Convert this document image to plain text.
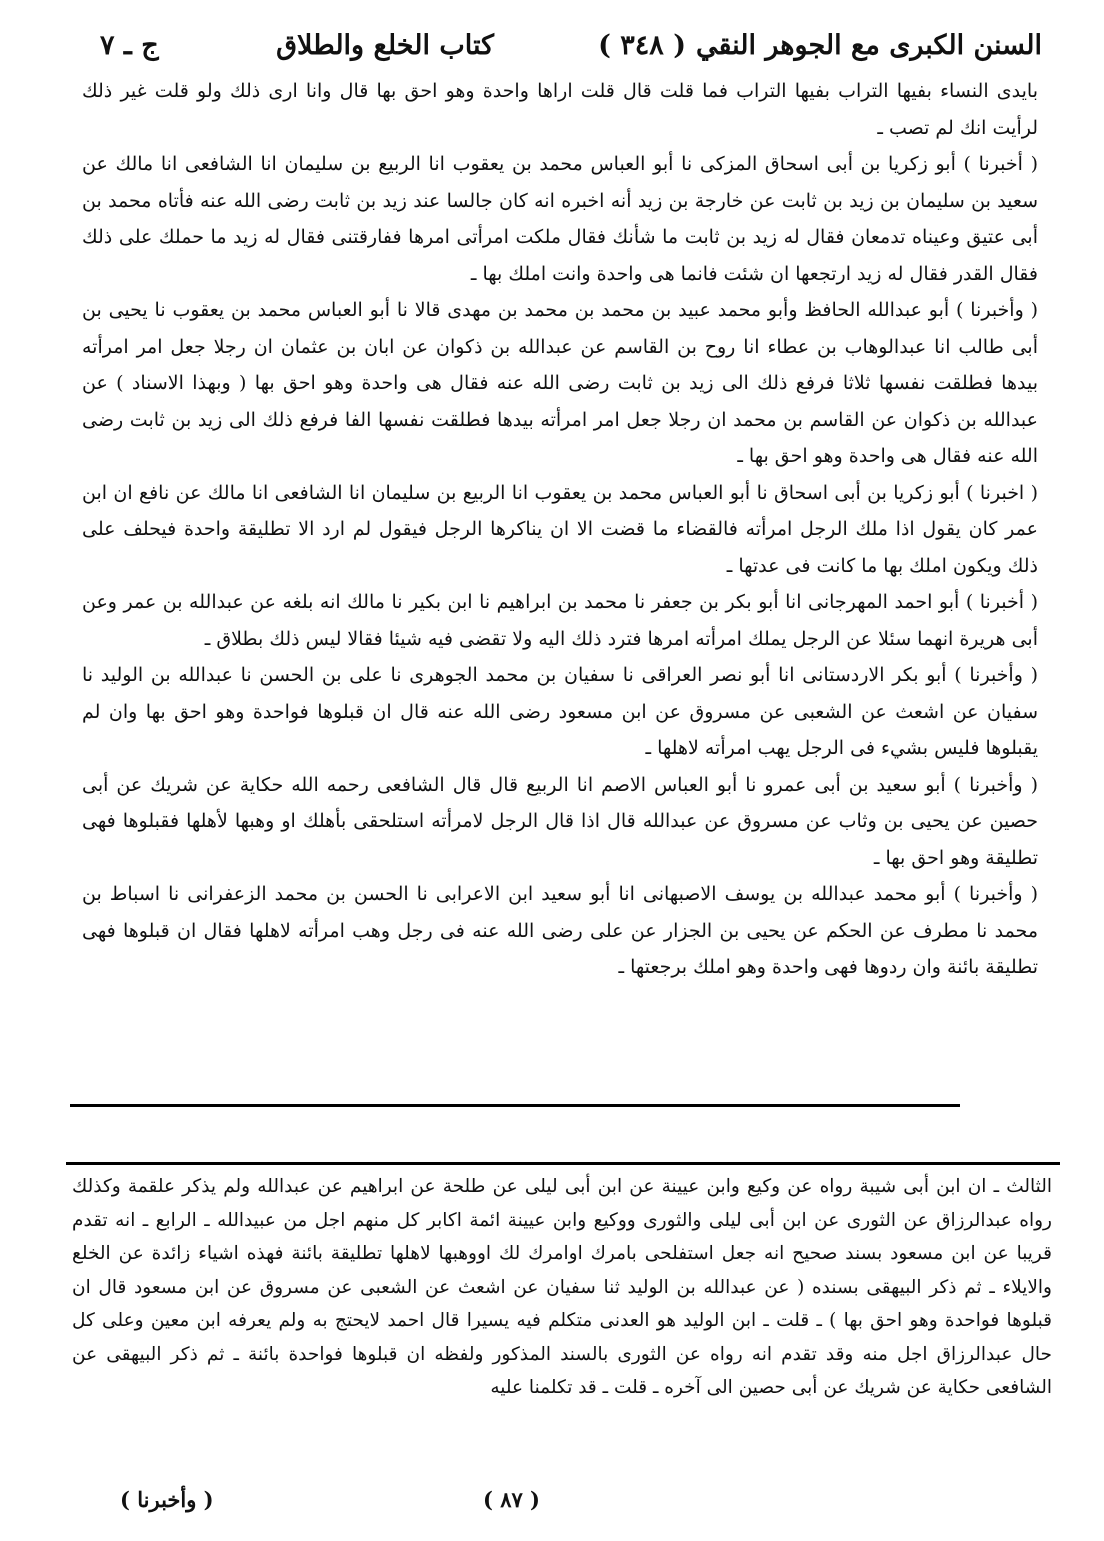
السنن الكبرى مع الجوهر النقي
( ٣٤٨ )
كتاب الخلع والطلاق
ج ـ ٧

بايدى النساء بفيها التراب بفيها التراب فما قلت قال قلت اراها واحدة وهو احق بها قال وانا ارى ذلك ولو قلت غير ذلك لرأيت انك لم تصب ـ

( أخبرنا ) أبو زكريا بن أبى اسحاق المزكى نا أبو العباس محمد بن يعقوب انا الربيع بن سليمان انا الشافعى انا مالك عن سعيد بن سليمان بن زيد بن ثابت عن خارجة بن زيد أنه اخبره انه كان جالسا عند زيد بن ثابت رضى الله عنه فأتاه محمد بن أبى عتيق وعيناه تدمعان فقال له زيد بن ثابت ما شأنك فقال ملكت امرأتى امرها ففارقتنى فقال له زيد ما حملك على ذلك فقال القدر فقال له زيد ارتجعها ان شئت فانما هى واحدة وانت املك بها ـ

( وأخبرنا ) أبو عبدالله الحافظ وأبو محمد عبيد بن محمد بن محمد بن مهدى قالا نا أبو العباس محمد بن يعقوب نا يحيى بن أبى طالب انا عبدالوهاب بن عطاء انا روح بن القاسم عن عبدالله بن ذكوان عن ابان بن عثمان ان رجلا جعل امر امرأته بيدها فطلقت نفسها ثلاثا فرفع ذلك الى زيد بن ثابت رضى الله عنه فقال هى واحدة وهو احق بها ( وبهذا الاسناد ) عن عبدالله بن ذكوان عن القاسم بن محمد ان رجلا جعل امر امرأته بيدها فطلقت نفسها الفا فرفع ذلك الى زيد بن ثابت رضى الله عنه فقال هى واحدة وهو احق بها ـ

( اخبرنا ) أبو زكريا بن أبى اسحاق نا أبو العباس محمد بن يعقوب انا الربيع بن سليمان انا الشافعى انا مالك عن نافع ان ابن عمر كان يقول اذا ملك الرجل امرأته فالقضاء ما قضت الا ان يناكرها الرجل فيقول لم ارد الا تطليقة واحدة فيحلف على ذلك ويكون املك بها ما كانت فى عدتها ـ

( أخبرنا ) أبو احمد المهرجانى انا أبو بكر بن جعفر نا محمد بن ابراهيم نا ابن بكير نا مالك انه بلغه عن عبدالله بن عمر وعن أبى هريرة انهما سئلا عن الرجل يملك امرأته امرها فترد ذلك اليه ولا تقضى فيه شيئا فقالا ليس ذلك بطلاق ـ

( وأخبرنا ) أبو بكر الاردستانى انا أبو نصر العراقى نا سفيان بن محمد الجوهرى نا على بن الحسن نا عبدالله بن الوليد نا سفيان عن اشعث عن الشعبى عن مسروق عن ابن مسعود رضى الله عنه قال ان قبلوها فواحدة وهو احق بها وان لم يقبلوها فليس بشيء فى الرجل يهب امرأته لاهلها ـ

( وأخبرنا ) أبو سعيد بن أبى عمرو نا أبو العباس الاصم انا الربيع قال قال الشافعى رحمه الله حكاية عن شريك عن أبى حصين عن يحيى بن وثاب عن مسروق عن عبدالله قال اذا قال الرجل لامرأته استلحقى بأهلك او وهبها لأهلها فقبلوها فهى تطليقة وهو احق بها ـ

( وأخبرنا ) أبو محمد عبدالله بن يوسف الاصبهانى انا أبو سعيد ابن الاعرابى نا الحسن بن محمد الزعفرانى نا اسباط بن محمد نا مطرف عن الحكم عن يحيى بن الجزار عن على رضى الله عنه فى رجل وهب امرأته لاهلها فقال ان قبلوها فهى تطليقة بائنة وان ردوها فهى واحدة وهو املك برجعتها ـ

الثالث ـ ان ابن أبى شيبة رواه عن وكيع وابن عيينة عن ابن أبى ليلى عن طلحة عن ابراهيم عن عبدالله ولم يذكر علقمة وكذلك رواه عبدالرزاق عن الثورى عن ابن أبى ليلى والثورى ووكيع وابن عيينة ائمة اكابر كل منهم اجل من عبيدالله ـ الرابع ـ انه تقدم قريبا عن ابن مسعود بسند صحيح انه جعل استفلحى بامرك اوامرك لك اووهبها لاهلها تطليقة بائنة فهذه اشياء زائدة عن الخلع والايلاء ـ ثم ذكر البيهقى بسنده ( عن عبدالله بن الوليد ثنا سفيان عن اشعث عن الشعبى عن مسروق عن ابن مسعود قال ان قبلوها فواحدة وهو احق بها ) ـ قلت ـ ابن الوليد هو العدنى متكلم فيه يسيرا قال احمد لايحتج به ولم يعرفه ابن معين وعلى كل حال عبدالرزاق اجل منه وقد تقدم انه رواه عن الثورى بالسند المذكور ولفظه ان قبلوها فواحدة بائنة ـ ثم ذكر البيهقى عن الشافعى حكاية عن شريك عن أبى حصين الى آخره ـ قلت ـ قد تكلمنا عليه
( ٨٧ )
( وأخبرنا )
